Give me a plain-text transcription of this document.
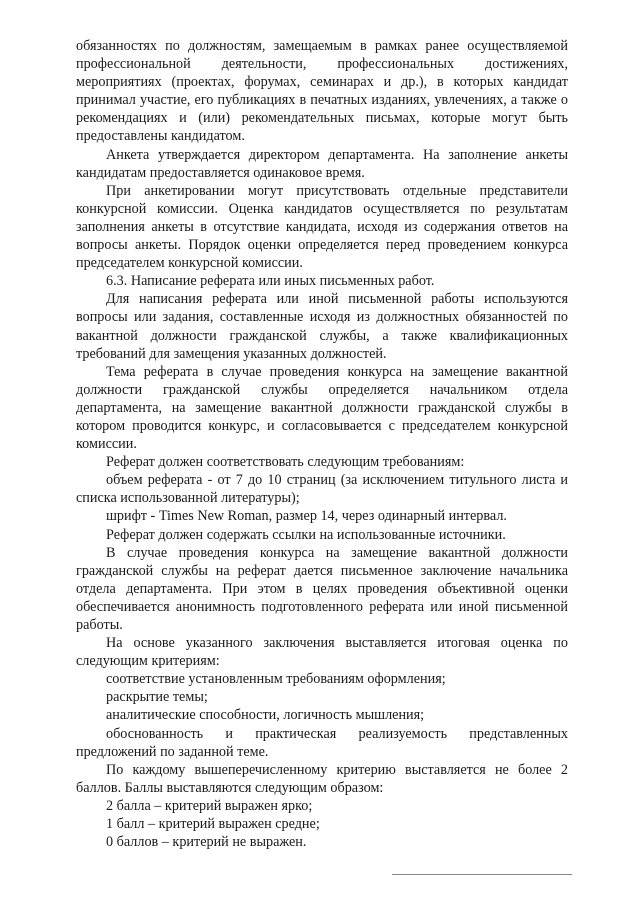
обязанностях по должностям, замещаемым в рамках ранее осуществляемой профессиональной деятельности, профессиональных достижениях, мероприятиях (проектах, форумах, семинарах и др.), в которых кандидат принимал участие, его публикациях в печатных изданиях, увлечениях, а также о рекомендациях и (или) рекомендательных письмах, которые могут быть предоставлены кандидатом.

Анкета утверждается директором департамента. На заполнение анкеты кандидатам предоставляется одинаковое время.

При анкетировании могут присутствовать отдельные представители конкурсной комиссии. Оценка кандидатов осуществляется по результатам заполнения анкеты в отсутствие кандидата, исходя из содержания ответов на вопросы анкеты. Порядок оценки определяется перед проведением конкурса председателем конкурсной комиссии.

6.3. Написание реферата или иных письменных работ.

Для написания реферата или иной письменной работы используются вопросы или задания, составленные исходя из должностных обязанностей по вакантной должности гражданской службы, а также квалификационных требований для замещения указанных должностей.

Тема реферата в случае проведения конкурса на замещение вакантной должности гражданской службы определяется начальником отдела департамента, на замещение вакантной должности гражданской службы в котором проводится конкурс, и согласовывается с председателем конкурсной комиссии.

Реферат должен соответствовать следующим требованиям:

объем реферата - от 7 до 10 страниц (за исключением титульного листа и списка использованной литературы);

шрифт - Times New Roman, размер 14, через одинарный интервал.

Реферат должен содержать ссылки на использованные источники.

В случае проведения конкурса на замещение вакантной должности гражданской службы на реферат дается письменное заключение начальника отдела департамента. При этом в целях проведения объективной оценки обеспечивается анонимность подготовленного реферата или иной письменной работы.

На основе указанного заключения выставляется итоговая оценка по следующим критериям:

соответствие установленным требованиям оформления;

раскрытие темы;

аналитические способности, логичность мышления;

обоснованность и практическая реализуемость представленных предложений по заданной теме.

По каждому вышеперечисленному критерию выставляется не более 2 баллов. Баллы выставляются следующим образом:

2 балла – критерий выражен ярко;

1 балл – критерий выражен средне;

0 баллов – критерий не выражен.
